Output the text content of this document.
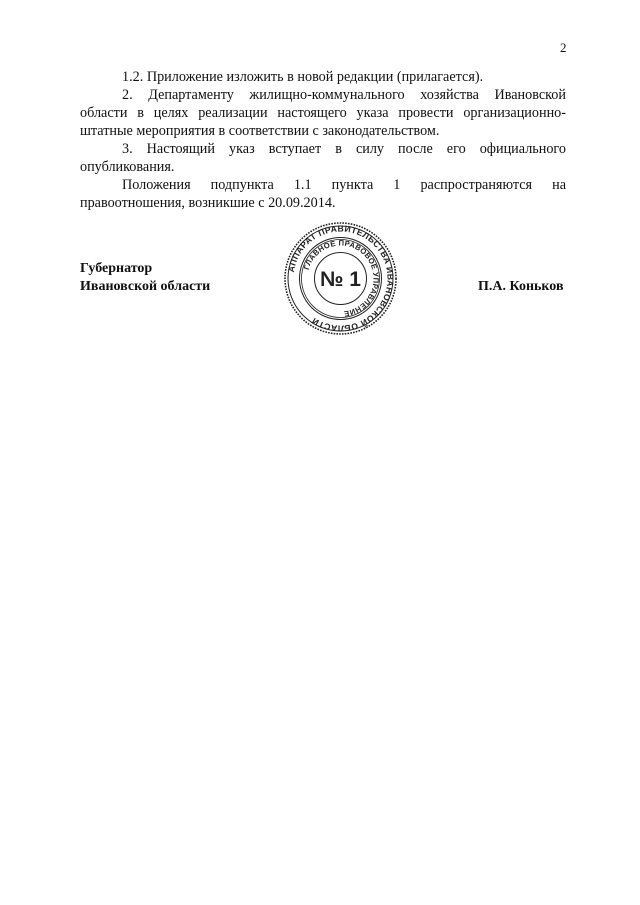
2

1.2. Приложение изложить в новой редакции (прилагается).

2. Департаменту жилищно-коммунального хозяйства Ивановской области в целях реализации настоящего указа провести организационно-штатные мероприятия в соответствии с законодательством.

3. Настоящий указ вступает в силу после его официального опубликования.

Положения подпункта 1.1 пункта 1 распространяются на правоотношения, возникшие с 20.09.2014.

Губернатор
Ивановской области
АППАРАТ ПРАВИТЕЛЬСТВА ИВАНОВСКОЙ ОБЛАСТИ
ГЛАВНОЕ ПРАВОВОЕ УПРАВЛЕНИЕ
№ 1	П.А. Коньков
